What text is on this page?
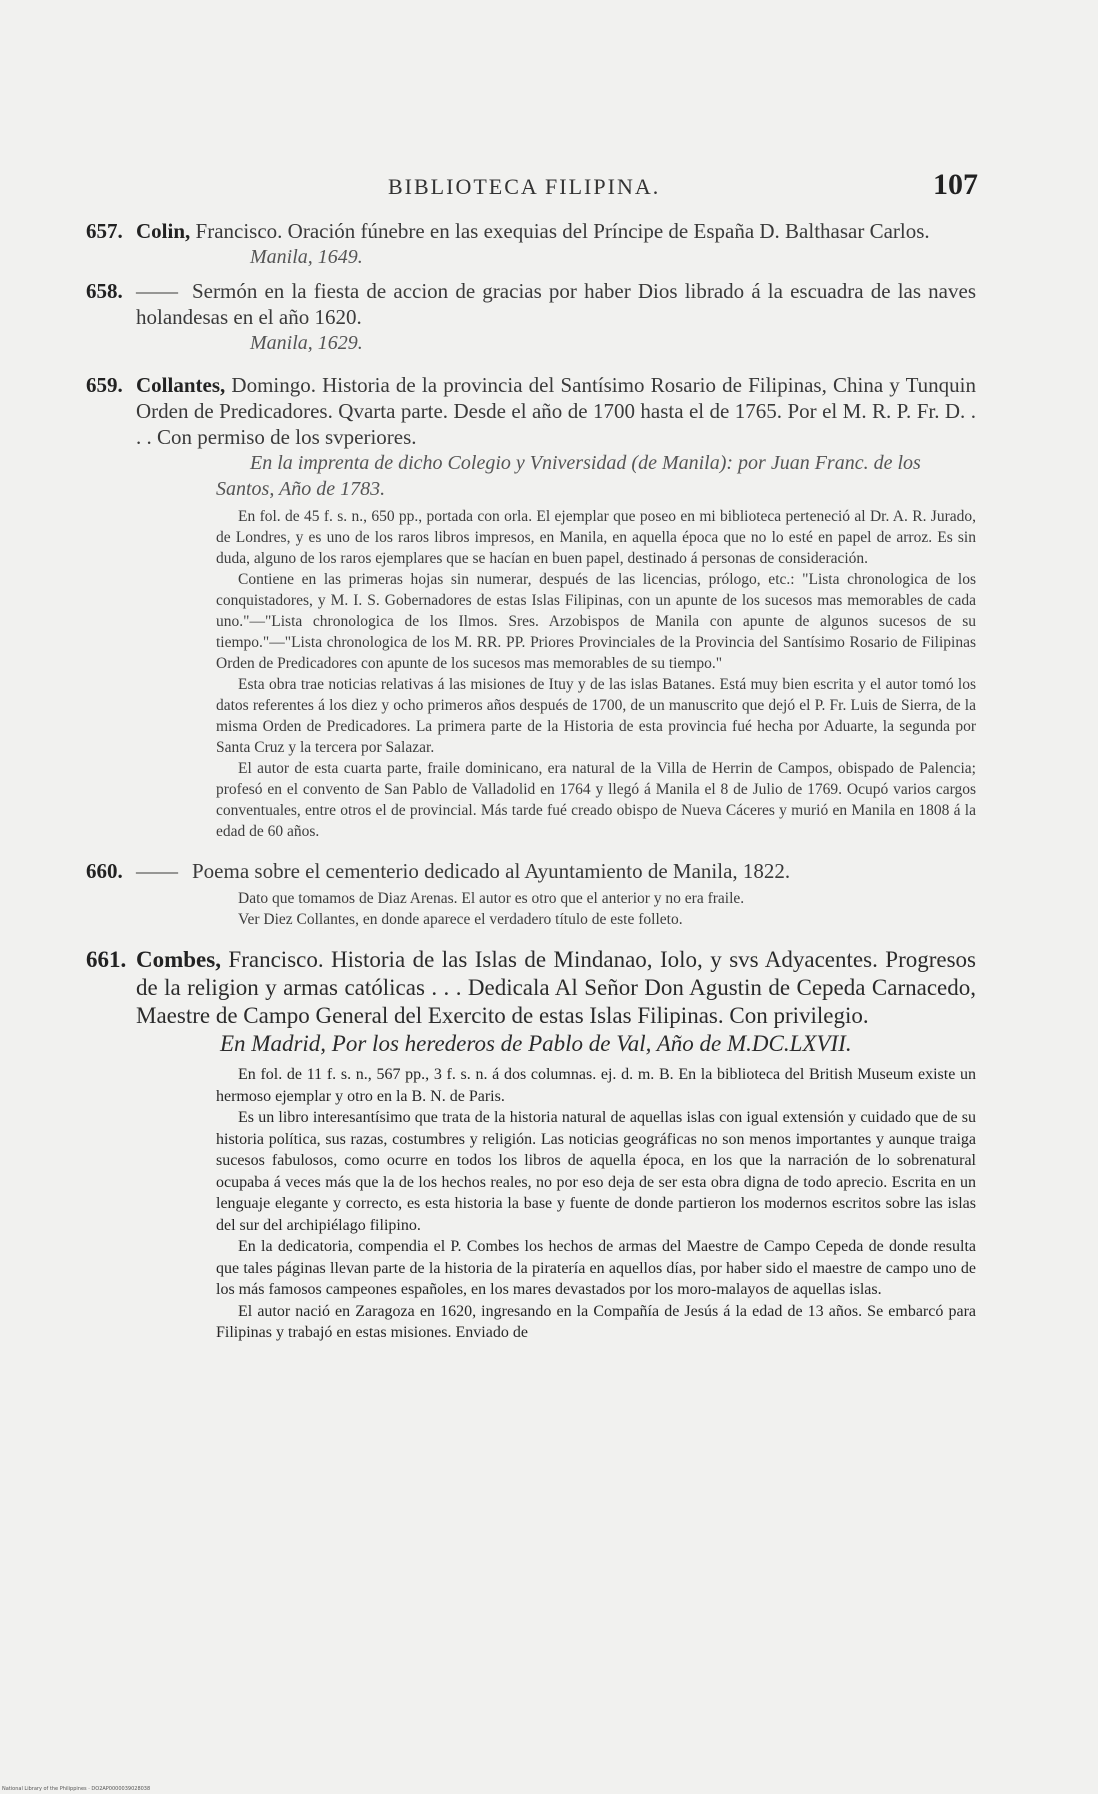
BIBLIOTECA FILIPINA.	107
657. Colin, Francisco. Oración fúnebre en las exequias del Príncipe de España D. Balthasar Carlos.
Manila, 1649.
658. —— Sermón en la fiesta de accion de gracias por haber Dios librado á la escuadra de las naves holandesas en el año 1620.
Manila, 1629.
659. Collantes, Domingo. Historia de la provincia del Santísimo Rosario de Filipinas, China y Tunquin Orden de Predicadores. Qvarta parte. Desde el año de 1700 hasta el de 1765. Por el M. R. P. Fr. D. . . . Con permiso de los svperiores.
En la imprenta de dicho Colegio y Vniversidad (de Manila): por Juan Franc. de los Santos, Año de 1783.

En fol. de 45 f. s. n., 650 pp., portada con orla. El ejemplar que poseo en mi biblioteca perteneció al Dr. A. R. Jurado, de Londres, y es uno de los raros libros impresos, en Manila, en aquella época que no lo esté en papel de arroz. Es sin duda, alguno de los raros ejemplares que se hacían en buen papel, destinado á personas de consideración.

Contiene en las primeras hojas sin numerar, después de las licencias, prólogo, etc.: "Lista chronologica de los conquistadores, y M. I. S. Gobernadores de estas Islas Filipinas, con un apunte de los sucesos mas memorables de cada uno."—"Lista chronologica de los Ilmos. Sres. Arzobispos de Manila con apunte de algunos sucesos de su tiempo."—"Lista chronologica de los M. RR. PP. Priores Provinciales de la Provincia del Santísimo Rosario de Filipinas Orden de Predicadores con apunte de los sucesos mas memorables de su tiempo."

Esta obra trae noticias relativas á las misiones de Ituy y de las islas Batanes. Está muy bien escrita y el autor tomó los datos referentes á los diez y ocho primeros años después de 1700, de un manuscrito que dejó el P. Fr. Luis de Sierra, de la misma Orden de Predicadores. La primera parte de la Historia de esta provincia fué hecha por Aduarte, la segunda por Santa Cruz y la tercera por Salazar.

El autor de esta cuarta parte, fraile dominicano, era natural de la Villa de Herrin de Campos, obispado de Palencia; profesó en el convento de San Pablo de Valladolid en 1764 y llegó á Manila el 8 de Julio de 1769. Ocupó varios cargos conventuales, entre otros el de provincial. Más tarde fué creado obispo de Nueva Cáceres y murió en Manila en 1808 á la edad de 60 años.

660. —— Poema sobre el cementerio dedicado al Ayuntamiento de Manila, 1822.

Dato que tomamos de Diaz Arenas. El autor es otro que el anterior y no era fraile.

Ver Diez Collantes, en donde aparece el verdadero título de este folleto.

661. Combes, Francisco. Historia de las Islas de Mindanao, Iolo, y svs Adyacentes. Progresos de la religion y armas católicas . . . Dedicala Al Señor Don Agustin de Cepeda Carnacedo, Maestre de Campo General del Exercito de estas Islas Filipinas. Con privilegio.
En Madrid, Por los herederos de Pablo de Val, Año de M.DC.LXVII.

En fol. de 11 f. s. n., 567 pp., 3 f. s. n. á dos columnas. ej. d. m. B. En la biblioteca del British Museum existe un hermoso ejemplar y otro en la B. N. de Paris.

Es un libro interesantísimo que trata de la historia natural de aquellas islas con igual extensión y cuidado que de su historia política, sus razas, costumbres y religión. Las noticias geográficas no son menos importantes y aunque traiga sucesos fabulosos, como ocurre en todos los libros de aquella época, en los que la narración de lo sobrenatural ocupaba á veces más que la de los hechos reales, no por eso deja de ser esta obra digna de todo aprecio. Escrita en un lenguaje elegante y correcto, es esta historia la base y fuente de donde partieron los modernos escritos sobre las islas del sur del archipiélago filipino.

En la dedicatoria, compendia el P. Combes los hechos de armas del Maestre de Campo Cepeda de donde resulta que tales páginas llevan parte de la historia de la piratería en aquellos días, por haber sido el maestre de campo uno de los más famosos campeones españoles, en los mares devastados por los moro-malayos de aquellas islas.

El autor nació en Zaragoza en 1620, ingresando en la Compañía de Jesús á la edad de 13 años. Se embarcó para Filipinas y trabajó en estas misiones. Enviado de

National Library of the Philippines · DO2AP0000039028038
